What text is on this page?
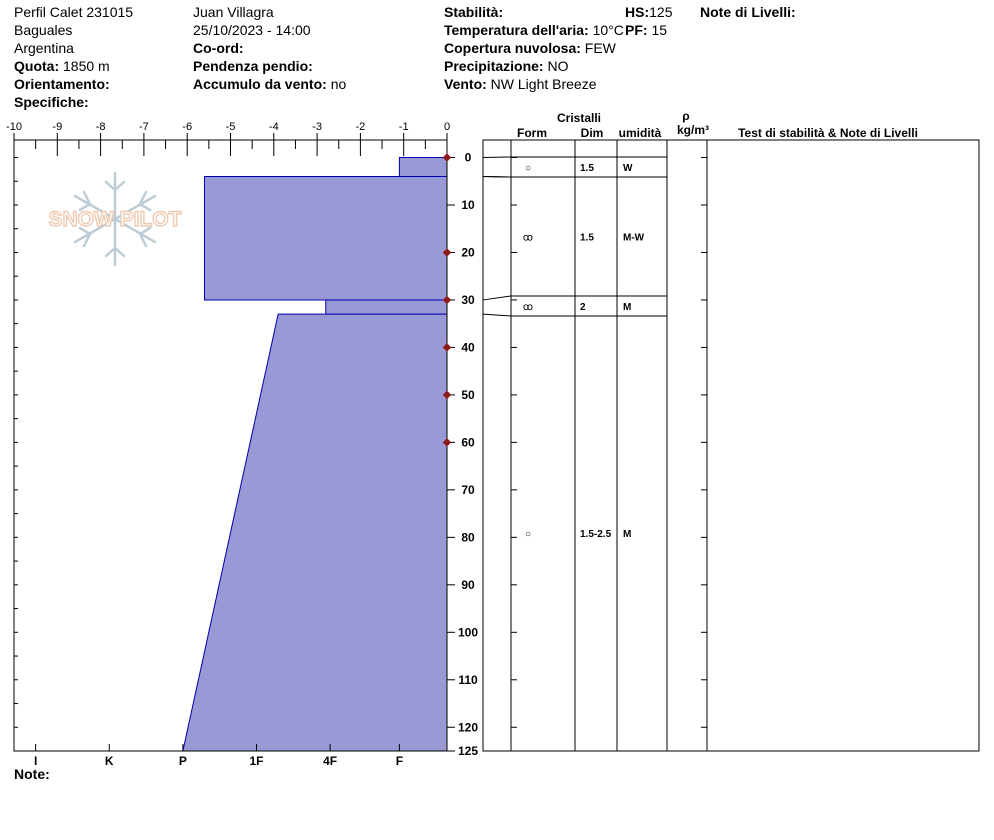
Perfil Calet 231015
Baguales
Argentina
Quota: 1850 m
Orientamento:
Specifiche:
Juan Villagra
25/10/2023 - 14:00
Co-ord:
Pendenza pendio:
Accumulo da vento: no
Stabilità:
Temperatura dell'aria: 10°C
Copertura nuvolosa: FEW
Precipitazione: NO
Vento: NW Light Breeze
HS:125
PF: 15
Note di Livelli:
Note:
SNOW PILOT
-10	-9	-8	-7	-6	-5	-4	-3	-2	-1	0
I	K	P	1F	4F	F
0
10
20
30
40
50
60
70
80
90
100
110
120
125
Cristalli
Form	Dim umidità
ρ
kg/m³ Test di stabilità & Note di Livelli
○	1.5	W
ꝏ	1.5	M-W
ꝏ	2	M
○	1.5-2.5 M
